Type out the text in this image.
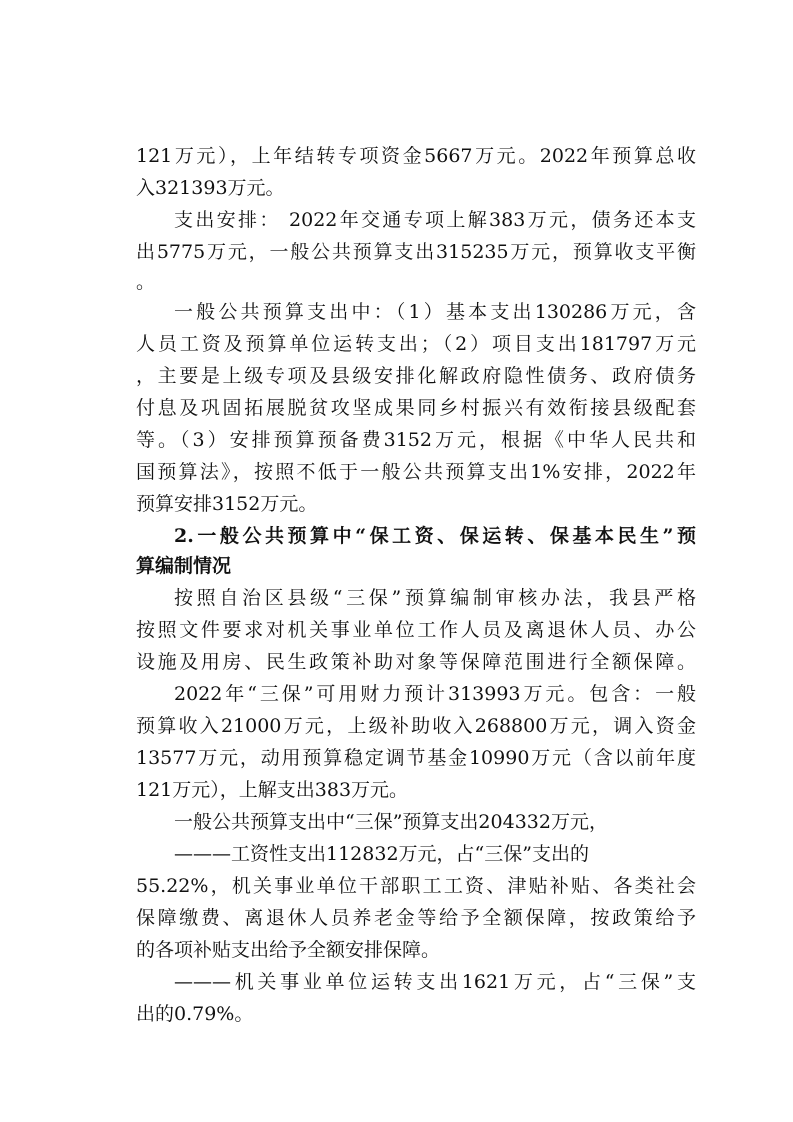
121万元），上年结转专项资金5667万元。2022年预算总收
入321393万元。
支出安排： 2022年交通专项上解383万元，债务还本支
出5775万元，一般公共预算支出315235万元，预算收支平衡
。
一般公共预算支出中：（1）基本支出130286万元，含
人员工资及预算单位运转支出；（2）项目支出181797万元
，主要是上级专项及县级安排化解政府隐性债务、政府债务
付息及巩固拓展脱贫攻坚成果同乡村振兴有效衔接县级配套
等。（3）安排预算预备费3152万元，根据《中华人民共和
国预算法》，按照不低于一般公共预算支出1%安排，2022年
预算安排3152万元。
2.一般公共预算中“保工资、保运转、保基本民生”预
算编制情况
按照自治区县级“三保”预算编制审核办法，我县严格
按照文件要求对机关事业单位工作人员及离退休人员、办公
设施及用房、民生政策补助对象等保障范围进行全额保障。
2022年“三保”可用财力预计313993万元。包含：一般
预算收入21000万元，上级补助收入268800万元，调入资金
13577万元，动用预算稳定调节基金10990万元（含以前年度
121万元），上解支出383万元。
一般公共预算支出中“三保”预算支出204332万元，
———工资性支出112832万元，占“三保”支出的
55.22%，机关事业单位干部职工工资、津贴补贴、各类社会
保障缴费、离退休人员养老金等给予全额保障，按政策给予
的各项补贴支出给予全额安排保障。
———机关事业单位运转支出1621万元，占“三保”支
出的0.79%。
